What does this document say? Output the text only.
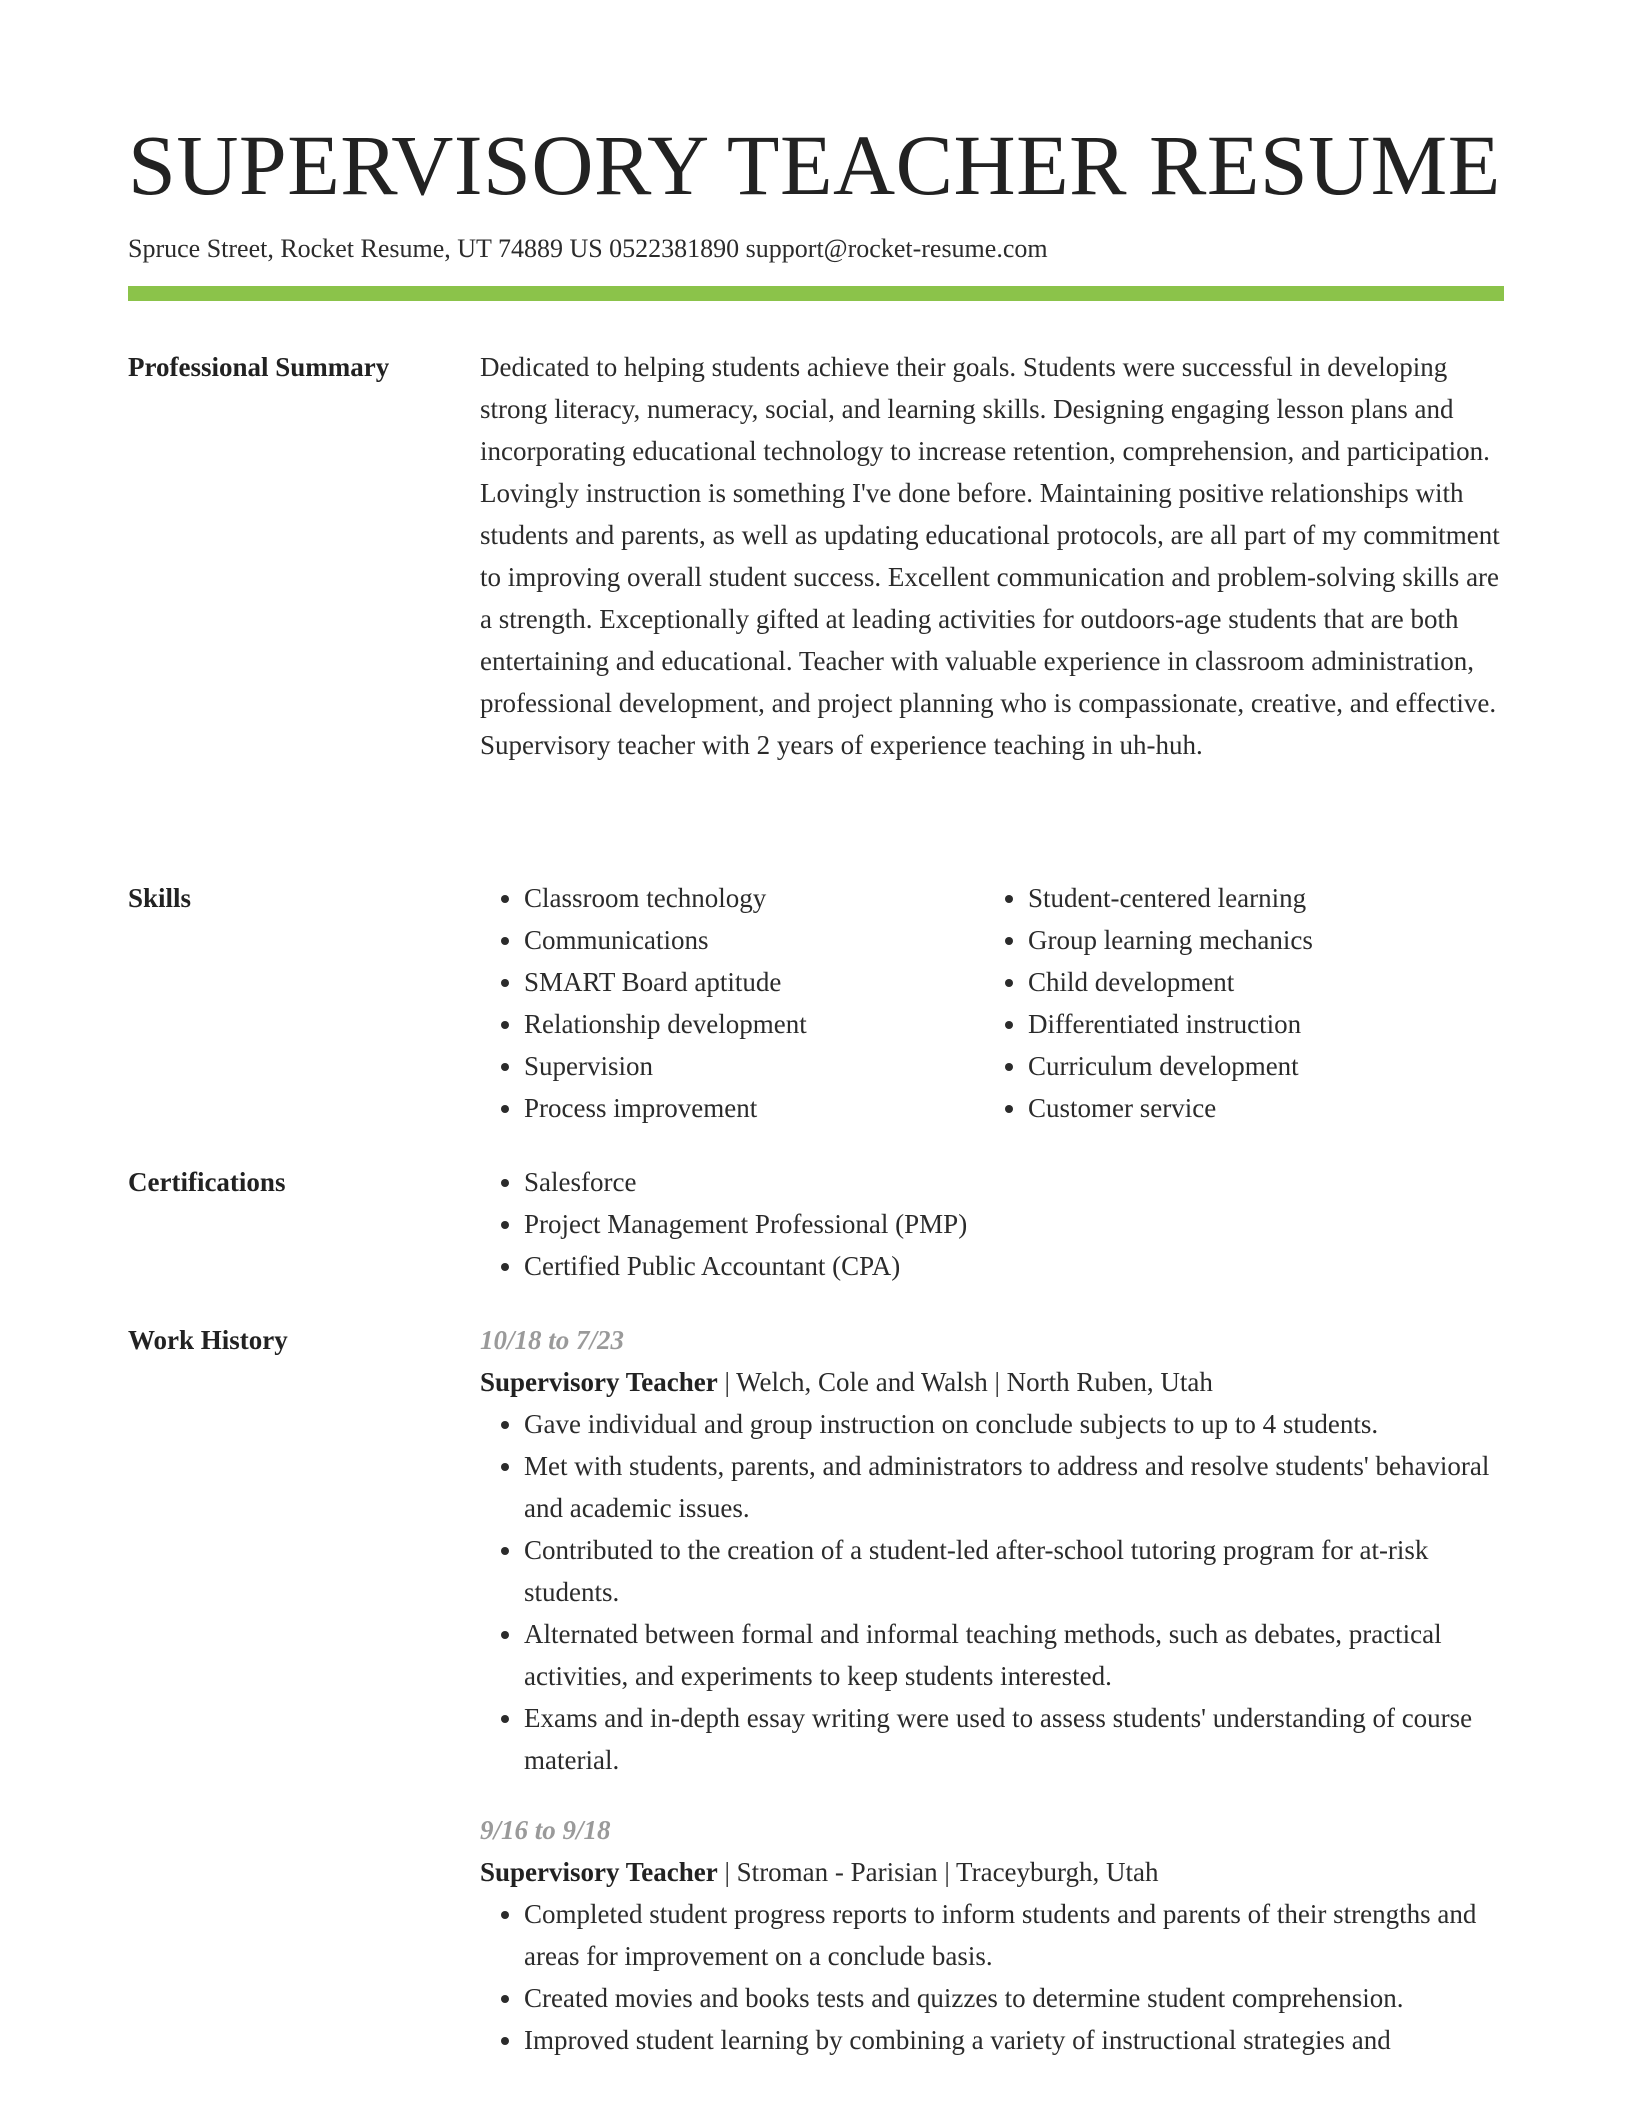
SUPERVISORY TEACHER RESUME
Spruce Street, Rocket Resume, UT 74889 US 0522381890 support@rocket-resume.com
Professional Summary	Dedicated to helping students achieve their goals. Students were successful in developing strong literacy, numeracy, social, and learning skills. Designing engaging lesson plans and incorporating educational technology to increase retention, comprehension, and participation. Lovingly instruction is something I've done before. Maintaining positive relationships with students and parents, as well as updating educational protocols, are all part of my commitment to improving overall student success. Excellent communication and problem-solving skills are a strength. Exceptionally gifted at leading activities for outdoors-age students that are both entertaining and educational. Teacher with valuable experience in classroom administration, professional development, and project planning who is compassionate, creative, and effective. Supervisory teacher with 2 years of experience teaching in uh-huh.

Skills	• Classroom technology
• Communications
• SMART Board aptitude
• Relationship development
• Supervision
• Process improvement
• Student-centered learning
• Group learning mechanics
• Child development
• Differentiated instruction
• Curriculum development
• Customer service
Certifications	• Salesforce
• Project Management Professional (PMP)
• Certified Public Accountant (CPA)
Work History	10/18 to 7/23
Supervisory Teacher | Welch, Cole and Walsh | North Ruben, Utah
• Gave individual and group instruction on conclude subjects to up to 4 students.
• Met with students, parents, and administrators to address and resolve students' behavioral and academic issues.
• Contributed to the creation of a student-led after-school tutoring program for at-risk students.
• Alternated between formal and informal teaching methods, such as debates, practical activities, and experiments to keep students interested.
• Exams and in-depth essay writing were used to assess students' understanding of course material.
9/16 to 9/18
Supervisory Teacher | Stroman - Parisian | Traceyburgh, Utah
• Completed student progress reports to inform students and parents of their strengths and areas for improvement on a conclude basis.
• Created movies and books tests and quizzes to determine student comprehension.
• Improved student learning by combining a variety of instructional strategies and
